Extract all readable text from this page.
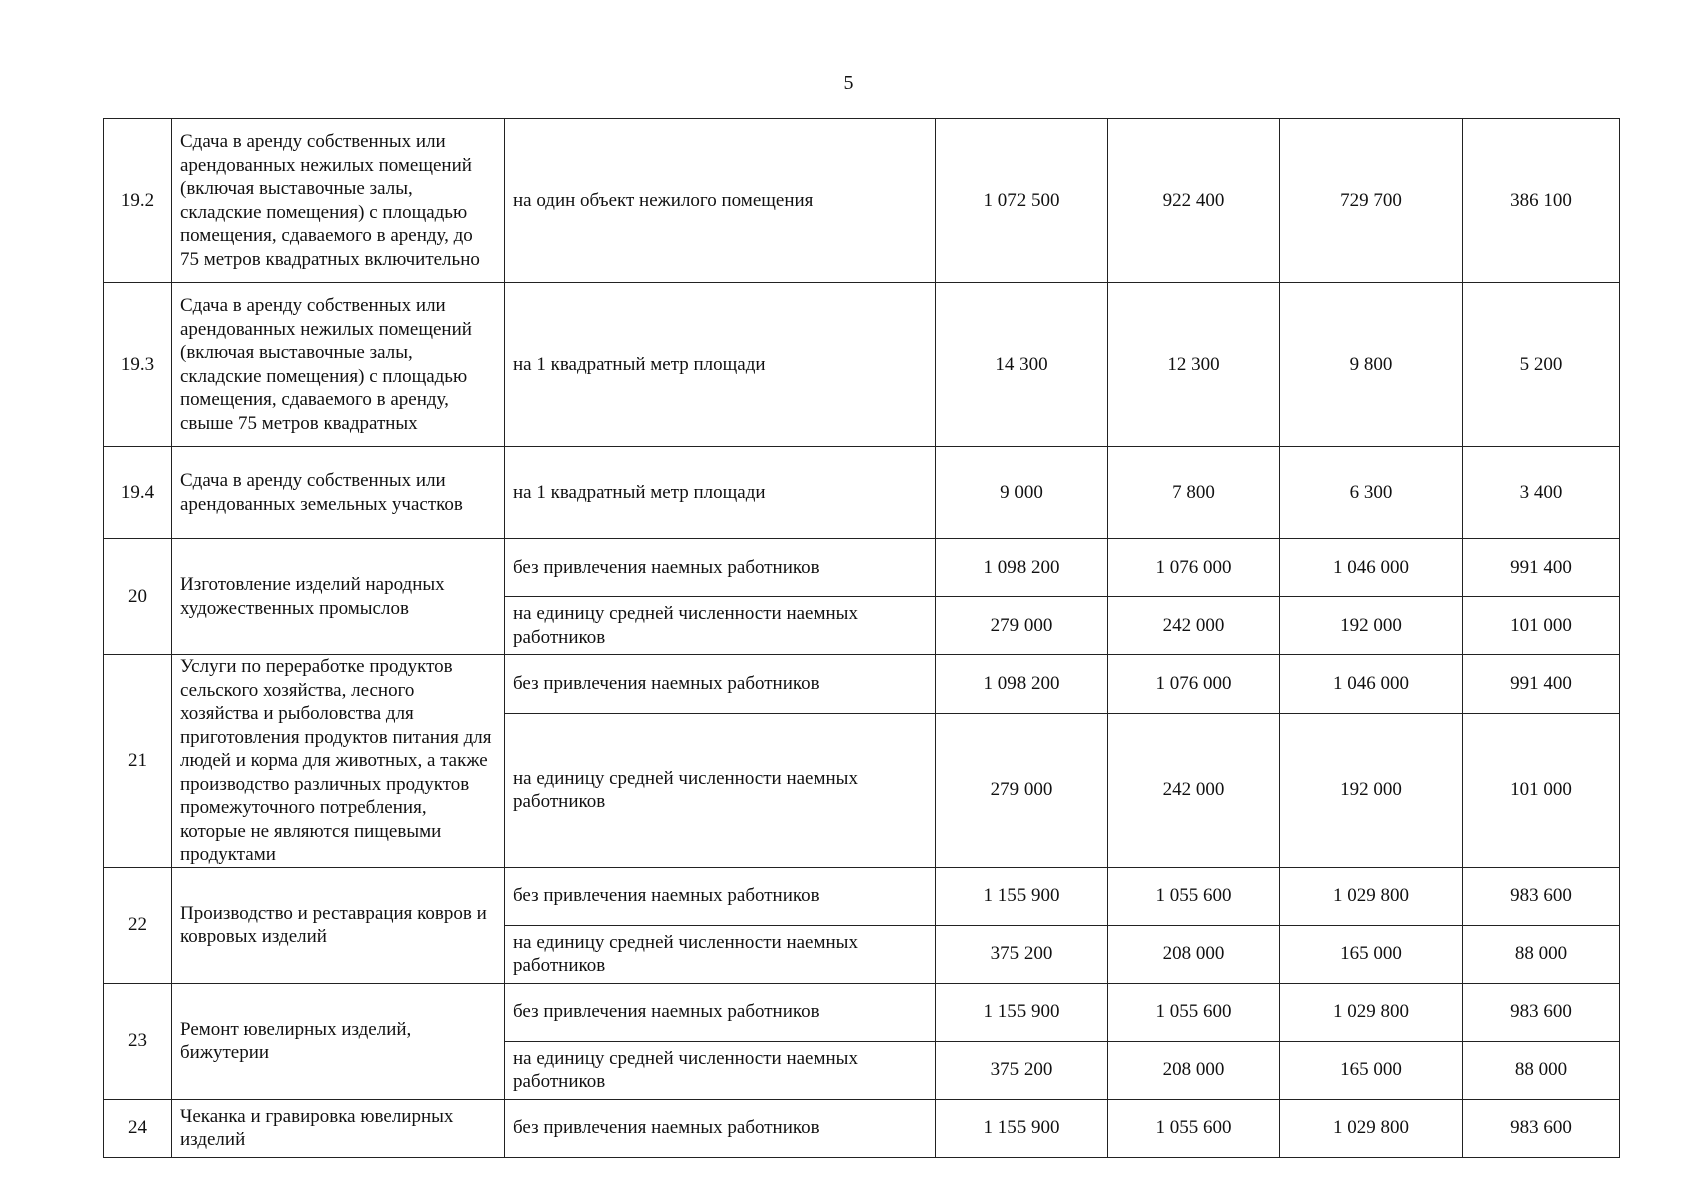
5
19.2	Сдача в аренду собственных или арендованных нежилых помещений (включая выставочные залы, складские помещения) с площадью помещения, сдаваемого в аренду, до 75 метров квадратных включительно	на один объект нежилого помещения	1 072 500	922 400	729 700	386 100
19.3	Сдача в аренду собственных или арендованных нежилых помещений (включая выставочные залы, складские помещения) с площадью помещения, сдаваемого в аренду, свыше 75 метров квадратных	на 1 квадратный метр площади	14 300	12 300	9 800	5 200
19.4	Сдача в аренду собственных или арендованных земельных участков	на 1 квадратный метр площади	9 000	7 800	6 300	3 400
20	Изготовление изделий народных художественных промыслов	без привлечения наемных работников	1 098 200	1 076 000	1 046 000	991 400
		на единицу средней численности наемных работников	279 000	242 000	192 000	101 000
21	Услуги по переработке продуктов сельского хозяйства, лесного хозяйства и рыболовства для приготовления продуктов питания для людей и корма для животных, а также производство различных продуктов промежуточного потребления, которые не являются пищевыми продуктами	без привлечения наемных работников	1 098 200	1 076 000	1 046 000	991 400
		на единицу средней численности наемных работников	279 000	242 000	192 000	101 000
22	Производство и реставрация ковров и ковровых изделий	без привлечения наемных работников	1 155 900	1 055 600	1 029 800	983 600
		на единицу средней численности наемных работников	375 200	208 000	165 000	88 000
23	Ремонт ювелирных изделий, бижутерии	без привлечения наемных работников	1 155 900	1 055 600	1 029 800	983 600
		на единицу средней численности наемных работников	375 200	208 000	165 000	88 000
24	Чеканка и гравировка ювелирных изделий	без привлечения наемных работников	1 155 900	1 055 600	1 029 800	983 600
